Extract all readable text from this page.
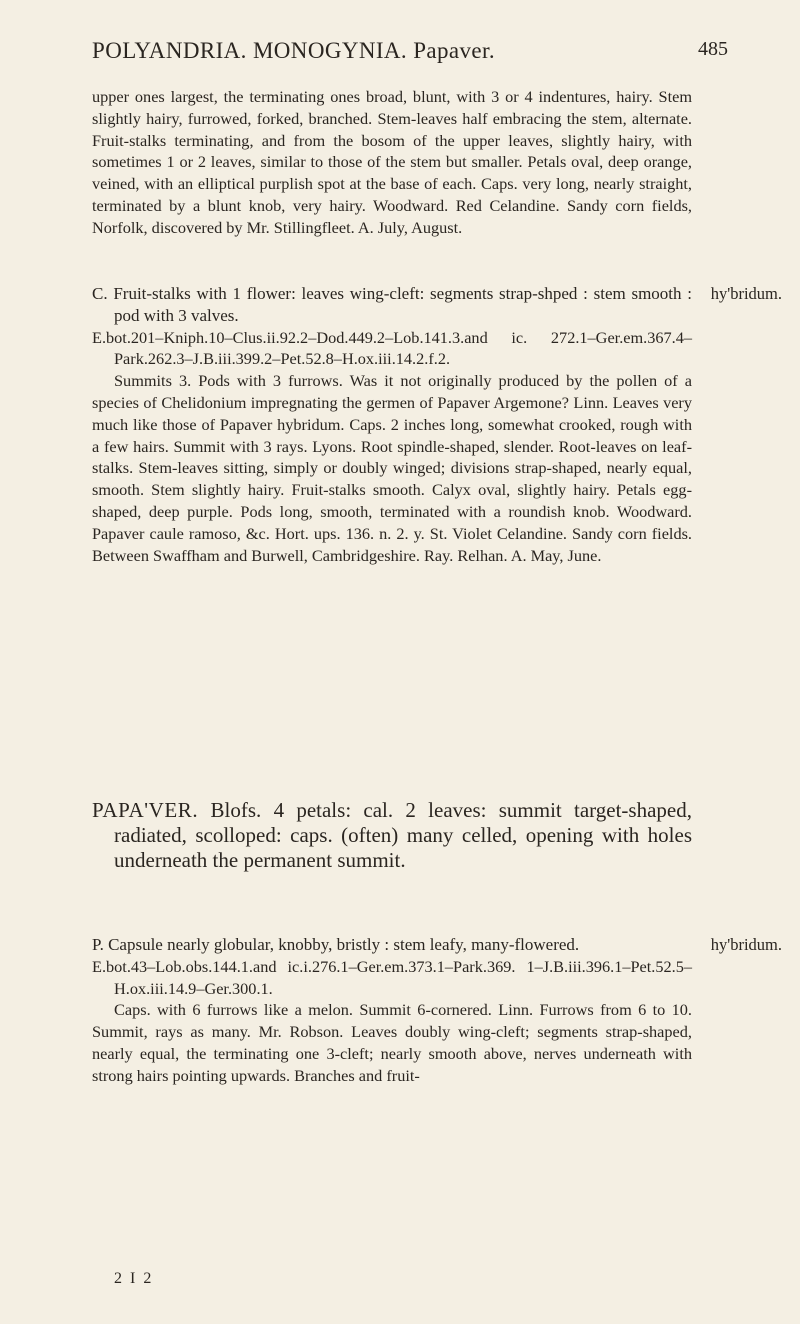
POLYANDRIA. MONOGYNIA. Papaver.	485

upper ones largest, the terminating ones broad, blunt, with 3 or 4 indentures, hairy. Stem slightly hairy, furrowed, forked, branched. Stem-leaves half embracing the stem, alternate. Fruit-stalks terminating, and from the bosom of the upper leaves, slightly hairy, with sometimes 1 or 2 leaves, similar to those of the stem but smaller. Petals oval, deep orange, veined, with an elliptical purplish spot at the base of each. Caps. very long, nearly straight, terminated by a blunt knob, very hairy. Woodward. Red Celandine. Sandy corn fields, Norfolk, discovered by Mr. Stillingfleet. A. July, August.

hy'bridum.

C. Fruit-stalks with 1 flower: leaves wing-cleft: segments strap-shped : stem smooth : pod with 3 valves.

E.bot.201–Kniph.10–Clus.ii.92.2–Dod.449.2–Lob.141.3.and ic. 272.1–Ger.em.367.4–Park.262.3–J.B.iii.399.2–Pet.52.8–H.ox.iii.14.2.f.2.

Summits 3. Pods with 3 furrows. Was it not originally produced by the pollen of a species of Chelidonium impregnating the germen of Papaver Argemone? Linn. Leaves very much like those of Papaver hybridum. Caps. 2 inches long, somewhat crooked, rough with a few hairs. Summit with 3 rays. Lyons. Root spindle-shaped, slender. Root-leaves on leaf-stalks. Stem-leaves sitting, simply or doubly winged; divisions strap-shaped, nearly equal, smooth. Stem slightly hairy. Fruit-stalks smooth. Calyx oval, slightly hairy. Petals egg-shaped, deep purple. Pods long, smooth, terminated with a roundish knob. Woodward. Papaver caule ramoso, &c. Hort. ups. 136. n. 2. y. St. Violet Celandine. Sandy corn fields. Between Swaffham and Burwell, Cambridgeshire. Ray. Relhan. A. May, June.

PAPA'VER. Blofs. 4 petals: cal. 2 leaves: summit target-shaped, radiated, scolloped: caps. (often) many celled, opening with holes underneath the permanent summit.

hy'bridum.

P. Capsule nearly globular, knobby, bristly : stem leafy, many-flowered.

E.bot.43–Lob.obs.144.1.and ic.i.276.1–Ger.em.373.1–Park.369. 1–J.B.iii.396.1–Pet.52.5–H.ox.iii.14.9–Ger.300.1.

Caps. with 6 furrows like a melon. Summit 6-cornered. Linn. Furrows from 6 to 10. Summit, rays as many. Mr. Robson. Leaves doubly wing-cleft; segments strap-shaped, nearly equal, the terminating one 3-cleft; nearly smooth above, nerves underneath with strong hairs pointing upwards. Branches and fruit-

2 I 2
